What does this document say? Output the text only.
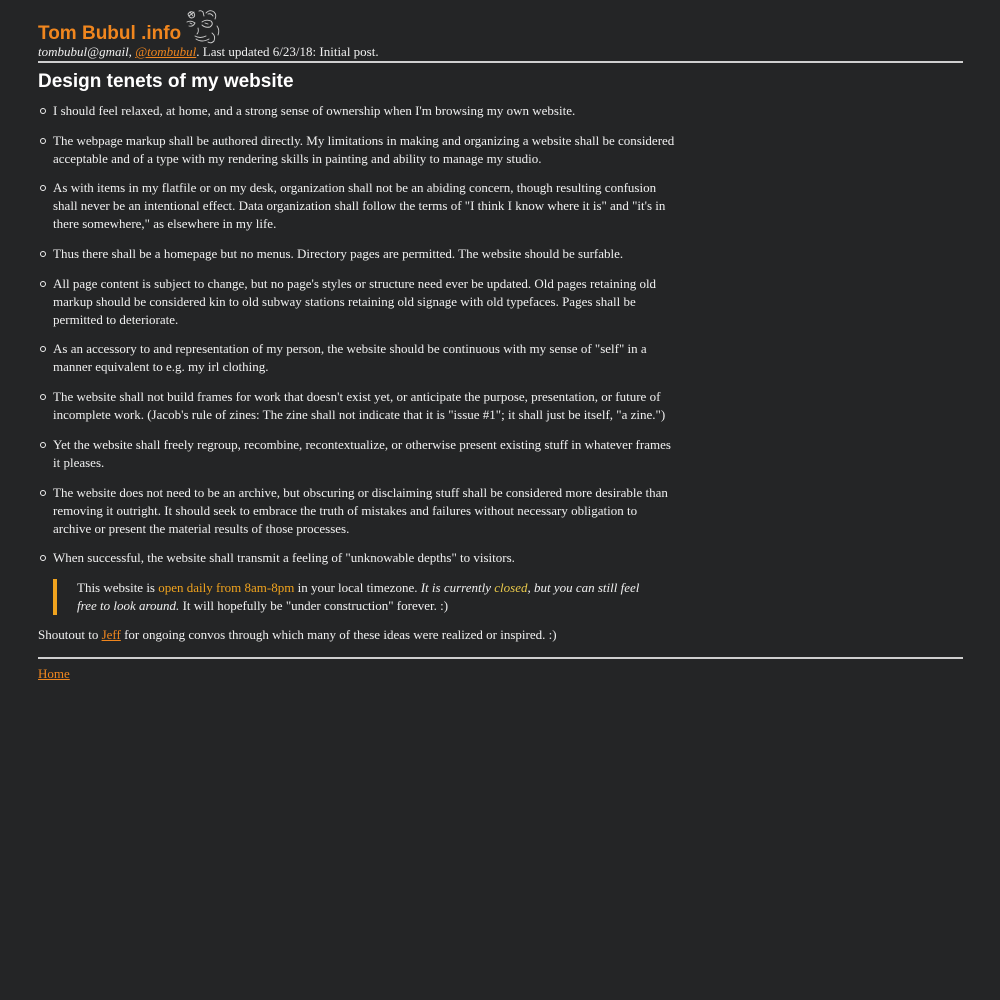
Tom Bubul .info
tombubul@gmail, @tombubul. Last updated 6/23/18: Initial post.
Design tenets of my website
I should feel relaxed, at home, and a strong sense of ownership when I'm browsing my own website.
The webpage markup shall be authored directly. My limitations in making and organizing a website shall be considered acceptable and of a type with my rendering skills in painting and ability to manage my studio.
As with items in my flatfile or on my desk, organization shall not be an abiding concern, though resulting confusion shall never be an intentional effect. Data organization shall follow the terms of "I think I know where it is" and "it's in there somewhere," as elsewhere in my life.
Thus there shall be a homepage but no menus. Directory pages are permitted. The website should be surfable.
All page content is subject to change, but no page's styles or structure need ever be updated. Old pages retaining old markup should be considered kin to old subway stations retaining old signage with old typefaces. Pages shall be permitted to deteriorate.
As an accessory to and representation of my person, the website should be continuous with my sense of "self" in a manner equivalent to e.g. my irl clothing.
The website shall not build frames for work that doesn't exist yet, or anticipate the purpose, presentation, or future of incomplete work. (Jacob's rule of zines: The zine shall not indicate that it is "issue #1"; it shall just be itself, "a zine.")
Yet the website shall freely regroup, recombine, recontextualize, or otherwise present existing stuff in whatever frames it pleases.
The website does not need to be an archive, but obscuring or disclaiming stuff shall be considered more desirable than removing it outright. It should seek to embrace the truth of mistakes and failures without necessary obligation to archive or present the material results of those processes.
When successful, the website shall transmit a feeling of "unknowable depths" to visitors.
This website is open daily from 8am-8pm in your local timezone. It is currently closed, but you can still feel free to look around. It will hopefully be "under construction" forever. :)

Shoutout to Jeff for ongoing convos through which many of these ideas were realized or inspired. :)

Home
